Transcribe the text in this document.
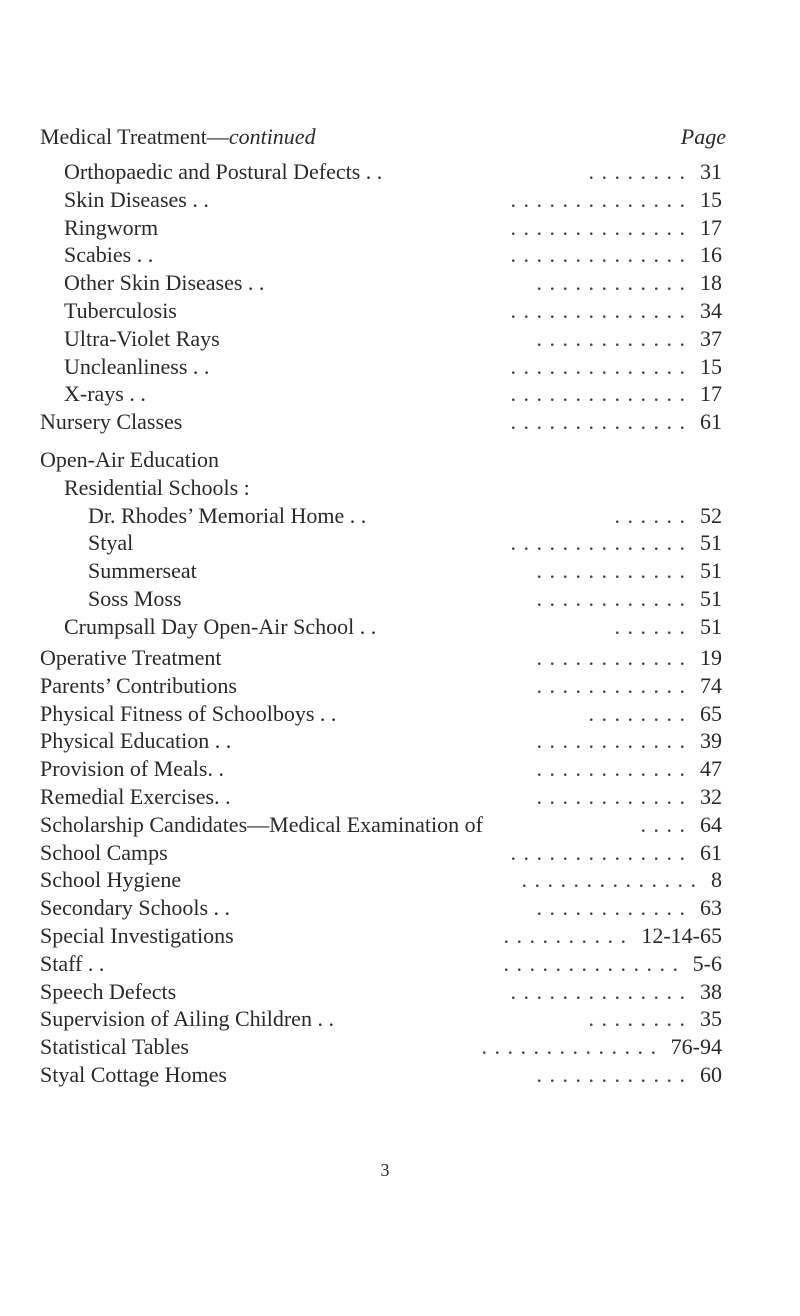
Medical Treatment—continued	Page
Orthopaedic and Postural Defects . .	. . . . . . . . 31
Skin Diseases . .	. . . . . . . . . . . . . . 15
Ringworm	. . . . . . . . . . . . . . 17
Scabies . .	. . . . . . . . . . . . . . 16
Other Skin Diseases . .	. . . . . . . . . . . . 18
Tuberculosis	. . . . . . . . . . . . . . 34
Ultra-Violet Rays	. . . . . . . . . . . . 37
Uncleanliness . .	. . . . . . . . . . . . . . 15
X-rays . .	. . . . . . . . . . . . . . 17
Nursery Classes	. . . . . . . . . . . . . . 61
Open-Air Education
Residential Schools :
Dr. Rhodes’ Memorial Home . .	. . . . . . 52
Styal	. . . . . . . . . . . . . . 51
Summerseat	. . . . . . . . . . . . 51
Soss Moss	. . . . . . . . . . . . 51
Crumpsall Day Open-Air School . .	. . . . . . 51
Operative Treatment	. . . . . . . . . . . . 19
Parents’ Contributions	. . . . . . . . . . . . 74
Physical Fitness of Schoolboys . .	. . . . . . . . 65
Physical Education . .	. . . . . . . . . . . . 39
Provision of Meals. .	. . . . . . . . . . . . 47
Remedial Exercises. .	. . . . . . . . . . . . 32
Scholarship Candidates—Medical Examination of	. . . . 64
School Camps	. . . . . . . . . . . . . . 61
School Hygiene	. . . . . . . . . . . . . . 8
Secondary Schools . .	. . . . . . . . . . . . 63
Special Investigations	. . . . . . . . . . 12-14-65
Staff . .	. . . . . . . . . . . . . . 5-6
Speech Defects	. . . . . . . . . . . . . . 38
Supervision of Ailing Children . .	. . . . . . . . 35
Statistical Tables	. . . . . . . . . . . . . . 76-94
Styal Cottage Homes	. . . . . . . . . . . . 60
3
